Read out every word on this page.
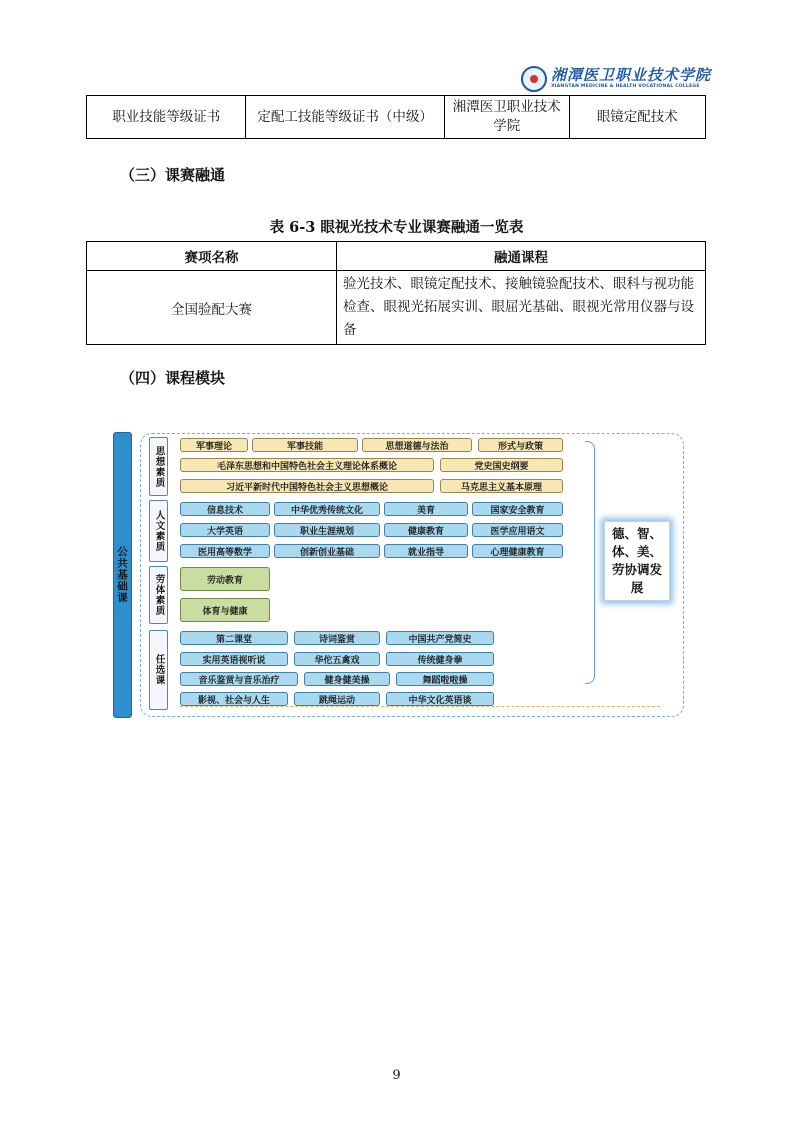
湘潭医卫职业技术学院
XIANGTAN MEDICINE & HEALTH VOCATIONAL COLLEGE
职业技能等级证书	定配工技能等级证书（中级）	湘潭医卫职业技术学院	眼镜定配技术
（三）课赛融通
表 6-3 眼视光技术专业课赛融通一览表
赛项名称	融通课程
全国验配大赛	验光技术、眼镜定配技术、接触镜验配技术、眼科与视功能检查、眼视光拓展实训、眼屈光基础、眼视光常用仪器与设备
（四）课程模块
公共基础课
思想素质
人文素质
劳体素质
任选课
军事理论	军事技能	思想道德与法治	形式与政策
毛泽东思想和中国特色社会主义理论体系概论	党史国史纲要
习近平新时代中国特色社会主义思想概论	马克思主义基本原理
信息技术	中华优秀传统文化	美育	国家安全教育
大学英语	职业生涯规划	健康教育	医学应用语文
医用高等数学	创新创业基础	就业指导	心理健康教育
劳动教育
体育与健康
第二课堂	诗词鉴赏	中国共产党简史
实用英语视听说	华佗五禽戏	传统健身拳
音乐鉴赏与音乐治疗	健身健美操	舞蹈啦啦操
影视、社会与人生	跳绳运动	中华文化英语谈
德、智、体、美、劳协调发展
9
